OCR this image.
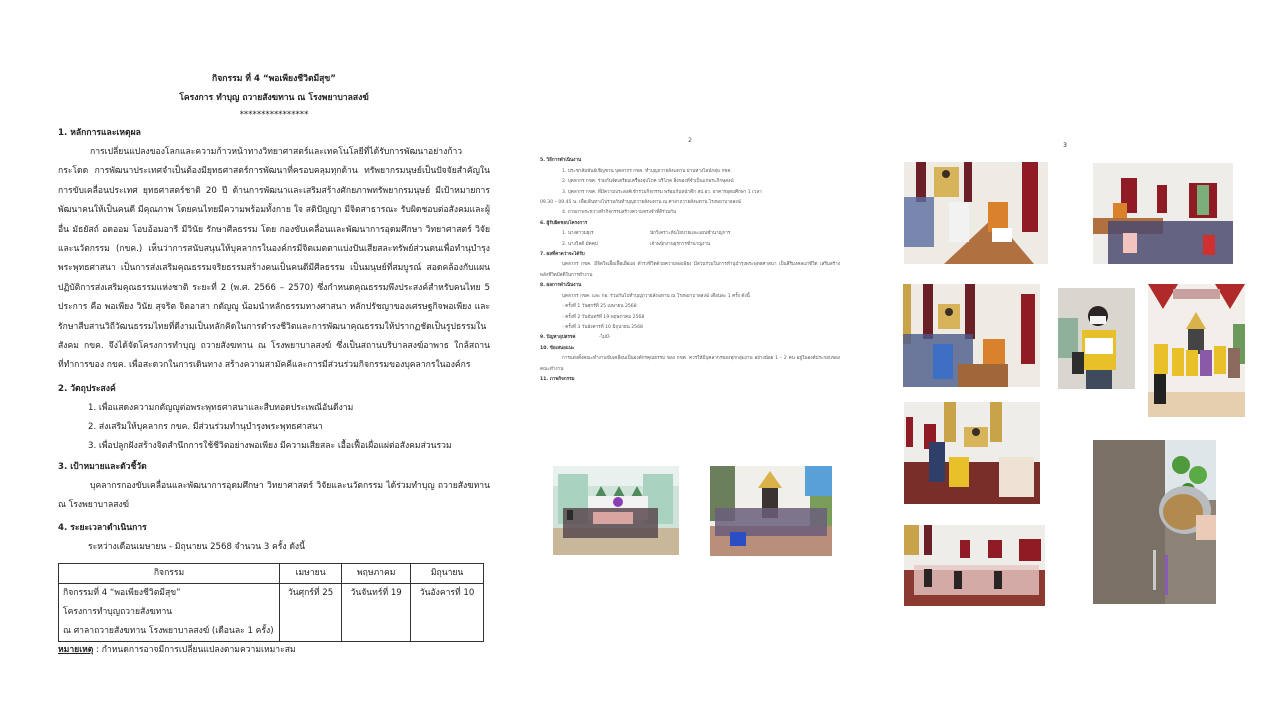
กิจกรรม ที่ 4 “พอเพียงชีวิตมีสุข”
โครงการ ทำบุญ ถวายสังฆทาน ณ โรงพยาบาลสงฆ์
****************
1. หลักการและเหตุผล

การเปลี่ยนแปลงของโลกและความก้าวหน้าทางวิทยาศาสตร์และเทคโนโลยีที่ได้รับการพัฒนาอย่างก้าวกระโดด การพัฒนาประเทศจำเป็นต้องมียุทธศาสตร์การพัฒนาที่ครอบคลุมทุกด้าน ทรัพยากรมนุษย์เป็นปัจจัยสำคัญในการขับเคลื่อนประเทศ ยุทธศาสตร์ชาติ 20 ปี ด้านการพัฒนาและเสริมสร้างศักยภาพทรัพยากรมนุษย์ มีเป้าหมายการพัฒนาคนให้เป็นคนดี มีคุณภาพ โดยคนไทยมีความพร้อมทั้งกาย ใจ สติปัญญา มีจิตสาธารณะ รับผิดชอบต่อสังคมและผู้อื่น มัธยัสถ์ อดออม โอบอ้อมอารี มีวินัย รักษาศีลธรรม โดย กองขับเคลื่อนและพัฒนาการอุดมศึกษา วิทยาศาสตร์ วิจัยและนวัตกรรม (กขค.) เห็นว่าการสนับสนุนให้บุคลากรในองค์กรมีจิตเมตตาแบ่งปันเสียสละทรัพย์ส่วนตนเพื่อทำนุบำรุงพระพุทธศาสนา เป็นการส่งเสริมคุณธรรมจริยธรรมสร้างคนเป็นคนดีมีศีลธรรม เป็นมนุษย์ที่สมบูรณ์ สอดคล้องกับแผนปฏิบัติการส่งเสริมคุณธรรมแห่งชาติ ระยะที่ 2 (พ.ศ. 2566 – 2570) ซึ่งกำหนดคุณธรรมพึงประสงค์สำหรับคนไทย 5 ประการ คือ พอเพียง วินัย สุจริต จิตอาสา กตัญญู น้อมนำหลักธรรมทางศาสนา หลักปรัชญาของเศรษฐกิจพอเพียง และรักษาสืบสานวิถีวัฒนธรรมไทยที่ดีงามเป็นหลักคิดในการดำรงชีวิตและการพัฒนาคุณธรรมให้ปรากฏชัดเป็นรูปธรรมในสังคม กขค. จึงได้จัดโครงการทำบุญ ถวายสังฆทาน ณ โรงพยาบาลสงฆ์ ซึ่งเป็นสถานบริบาลสงฆ์อาพาธ ใกล้สถานที่ทำการของ กขค. เพื่อสะดวกในการเดินทาง สร้างความสามัคคีและการมีส่วนร่วมกิจกรรมของบุคลากรในองค์กร

2. วัตถุประสงค์
1. เพื่อแสดงความกตัญญูต่อพระพุทธศาสนาและสืบทอดประเพณีอันดีงาม
2. ส่งเสริมให้บุคลากร กขค. มีส่วนร่วมทำนุบำรุงพระพุทธศาสนา
3. เพื่อปลูกฝังสร้างจิตสำนึกการใช้ชีวิตอย่างพอเพียง มีความเสียสละ เอื้อเฟื้อเผื่อแผ่ต่อสังคมส่วนรวม
3. เป้าหมายและตัวชี้วัด

บุคลากรกองขับเคลื่อนและพัฒนาการอุดมศึกษา วิทยาศาสตร์ วิจัยและนวัตกรรม ได้ร่วมทำบุญ ถวายสังฆทาน ณ โรงพยาบาลสงฆ์

4. ระยะเวลาดำเนินการ
ระหว่างเดือนเมษายน - มิถุนายน 2568 จำนวน 3 ครั้ง ดังนี้
กิจกรรม	เมษายน	พฤษภาคม	มิถุนายน

กิจกรรมที่ 4 “พอเพียงชีวิตมีสุข”
โครงการทำบุญถวายสังฆทาน
ณ ศาลาถวายสังฆทาน โรงพยาบาลสงฆ์ (เดือนละ 1 ครั้ง)	วันศุกร์ที่ 25	วันจันทร์ที่ 19	วันอังคารที่ 10
หมายเหตุ : กำหนดการอาจมีการเปลี่ยนแปลงตามความเหมาะสม
2
5. วิธีการดำเนินงาน
1. ประชาสัมพันธ์เชิญชวน บุคลากร กขค. ทำบุญถวายสังฆทาน ผ่านทางไลน์กลุ่ม กขค.
2. บุคลากร กขค. ร่วมกันจัดเตรียมเครื่องอุปโภค บริโภค สิ่งของที่จำเป็นแก่พระภิกษุสงฆ์
3. บุคลากร กขค. ที่มีความประสงค์เข้าร่วมกิจกรรม พร้อมกันหน้าตึก สป.อว. อาคารอุดมศึกษา 1 เวลา
09.30 – 09.45 น. เพื่อเดินทางไปร่วมกันทำบุญถวายสังฆทาน ณ ศาลาถวายสังฆทาน โรงพยาบาลสงฆ์
4. ถ่ายภาพระหว่างทำกิจกรรมสร้างความทรงจำที่ดีร่วมกัน
6. ผู้รับผิดชอบโครงการ
1. นางสาวมยุเร	นักวิเคราะห์นโยบายและแผนชำนาญการ
2. นางวิลดี มัคคุป	เจ้าพนักงานธุรการชำนาญงาน
7. ผลที่คาดว่าจะได้รับ

บุคลากร กขค. มีจิตใจเอื้อเฟื้อเผื่อแผ่ ดำรงชีวิตด้วยความพอเพียง มีส่วนร่วมในการทำนุบำรุงพระพุทธศาสนา เป็นสิริมงคลแก่ชีวิต เสริมสร้างพลังชีวิตมีสติในการทำงาน

8. ผลการดำเนินงาน
บุคลากร กขค. และ กอ. ร่วมกันไปทำบุญถวายสังฆทาน ณ โรงพยาบาลสงฆ์ เดือนละ 1 ครั้ง ดังนี้
- ครั้งที่ 1 วันศุกร์ที่ 25 เมษายน 2568
- ครั้งที่ 2 วันจันทร์ที่ 19 พฤษภาคม 2568
- ครั้งที่ 3 วันอังคารที่ 10 มิถุนายน 2568
9. ปัญหาอุปสรรค	-ไม่มี-
10. ข้อเสนอแนะ

การแต่งตั้งคณะทำงานขับเคลื่อนเป็นองค์กรคุณธรรม ของ กขค. ควรให้มีบุคลากรของทุกกลุ่มงาน อย่างน้อย 1 – 2 คน อยู่ในองค์ประกอบของคณะทำงาน

11. ภาพกิจกรรม
3
